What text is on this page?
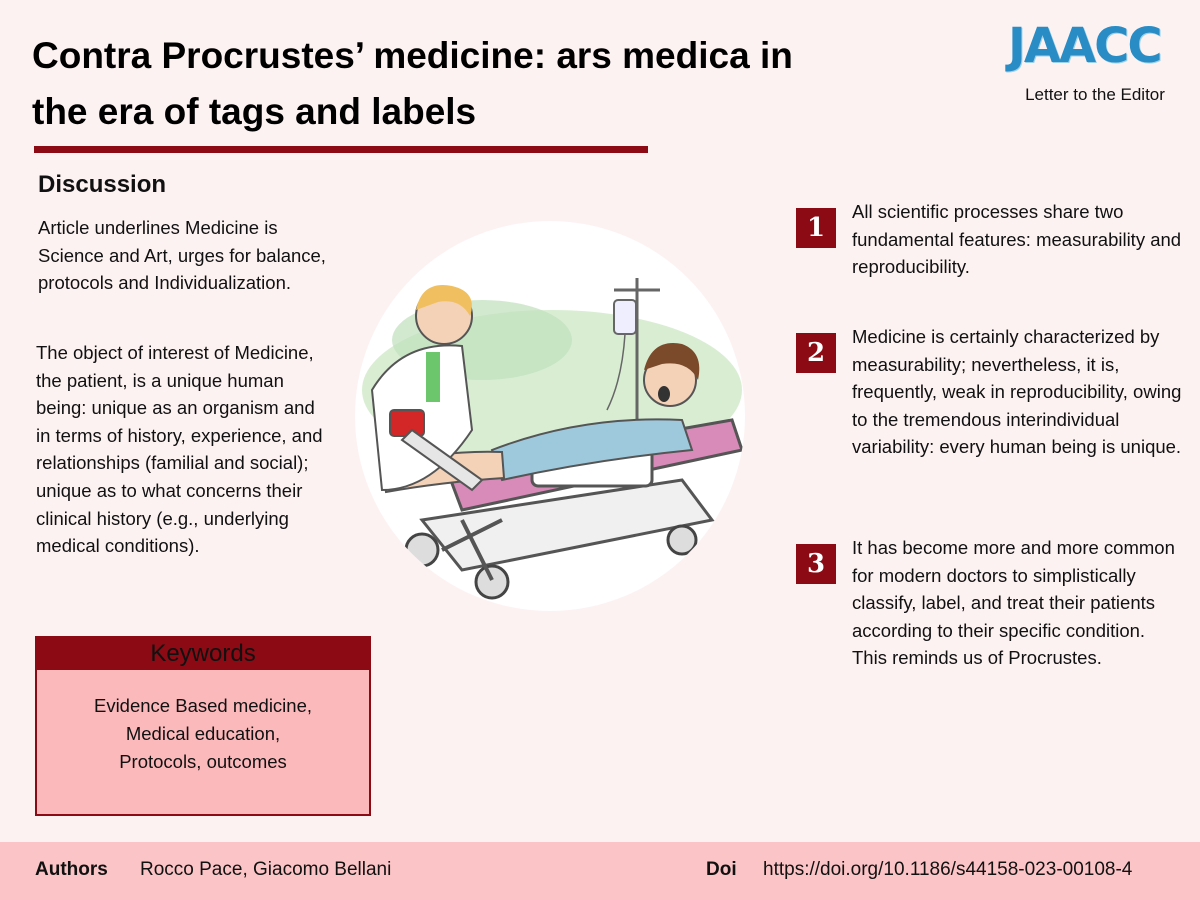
Contra Procrustes’ medicine: ars medica in
the era of tags and labels
JAACC
Letter to the Editor
Discussion
Article underlines Medicine is Science and Art, urges for balance, protocols and Individualization.
The object of interest of Medicine, the patient, is a unique human being: unique as an organism and in terms of history, experience, and relationships (familial and social); unique as to what concerns their clinical history (e.g., underlying medical conditions).
Keywords
Evidence Based medicine,
Medical education,
Protocols, outcomes
1
All scientific processes share two fundamental features: measurability and reproducibility.
2
Medicine is certainly characterized by measurability; nevertheless, it is, frequently, weak in reproducibility, owing to the tremendous interindividual variability: every human being is unique.
3
It has become more and more common for modern doctors to simplistically classify, label, and treat their patients according to their specific condition. This reminds us of Procrustes.
Authors Rocco Pace, Giacomo Bellani	Doi https://doi.org/10.1186/s44158-023-00108-4
